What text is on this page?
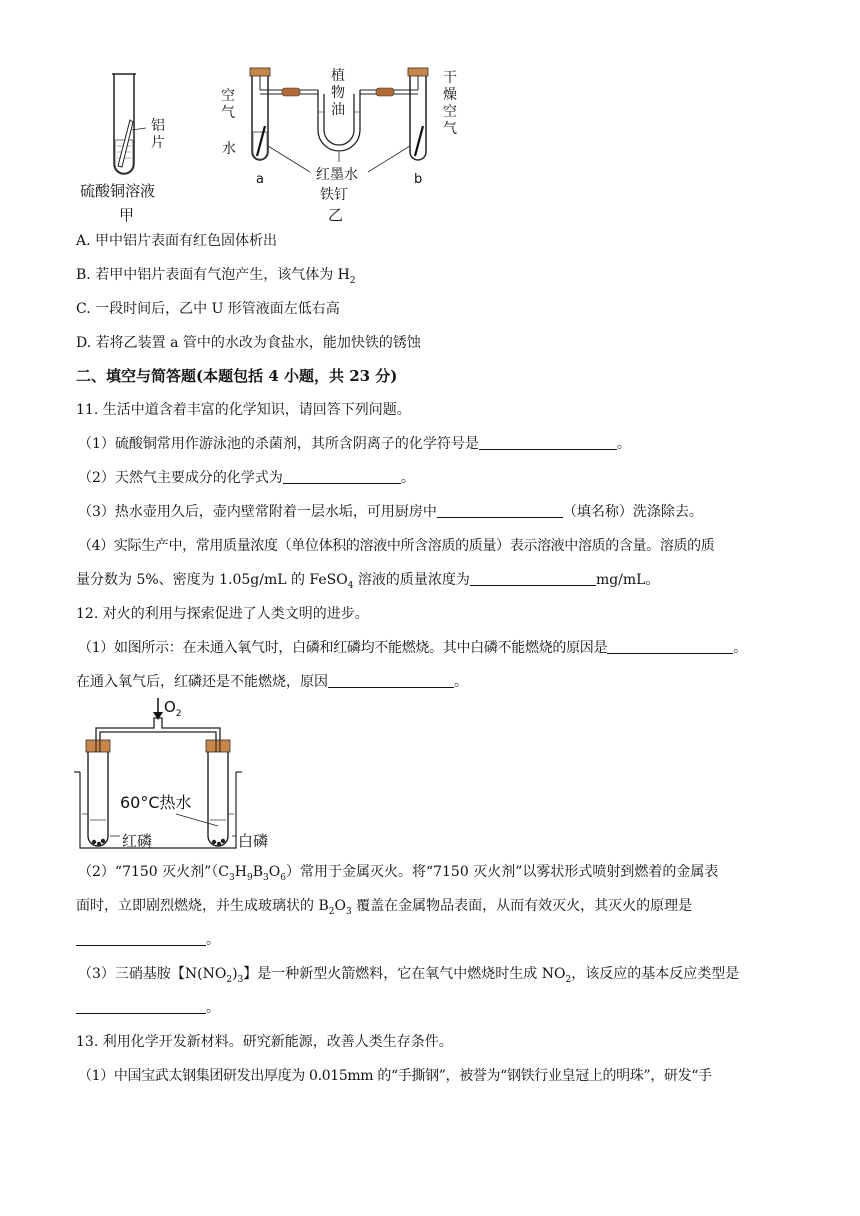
铝片
硫酸铜溶液
甲
空气
水
植物油
干燥空气
红墨水
铁钉
乙
a	b
A. 甲中铝片表面有红色固体析出
B. 若甲中铝片表面有气泡产生，该气体为 $H_2$
C. 一段时间后，乙中 U 形管液面左低右高
D. 若将乙装置 a 管中的水改为食盐水，能加快铁的锈蚀
二、填空与简答题(本题包括 4 小题，共 23 分)
11. 生活中道含着丰富的化学知识，请回答下列问题。
（1）硫酸铜常用作游泳池的杀菌剂，其所含阴离子的化学符号是	。
（2）天然气主要成分的化学式为	。
（3）热水壶用久后，壶内壁常附着一层水垢，可用厨房中	（填名称）洗涤除去。
（4）实际生产中，常用质量浓度（单位体积的溶液中所含溶质的质量）表示溶液中溶质的含量。溶质的质
量分数为 5%、密度为 1.05g/mL 的 FeSO$_4$ 溶液的质量浓度为	mg/mL。
12. 对火的利用与探索促进了人类文明的进步。
（1）如图所示：在未通入氧气时，白磷和红磷均不能燃烧。其中白磷不能燃烧的原因是	。
在通入氧气后，红磷还是不能燃烧，原因	。
$O_2$
60°C热水
红磷	白磷
（2）“7150 灭火剂$”(C_3H_9B_3O_6)$常用于金属灭火。将“7150 灭火剂”以雾状形式喷射到燃着的金属表
面时，立即剧烈燃烧，并生成玻璃状的 $B_2O_3$ 覆盖在金属物品表面，从而有效灭火，其灭火的原理是
。
（3）三硝基胺【$N(NO_2)_3$】是一种新型火箭燃料，它在氧气中燃烧时生成 $NO_2$，该反应的基本反应类型是
。
13. 利用化学开发新材料。研究新能源，改善人类生存条件。
（1）中国宝武太钢集团研发出厚度为 0.015mm 的“手撕钢”，被誉为“钢铁行业皇冠上的明珠”，研发“手
